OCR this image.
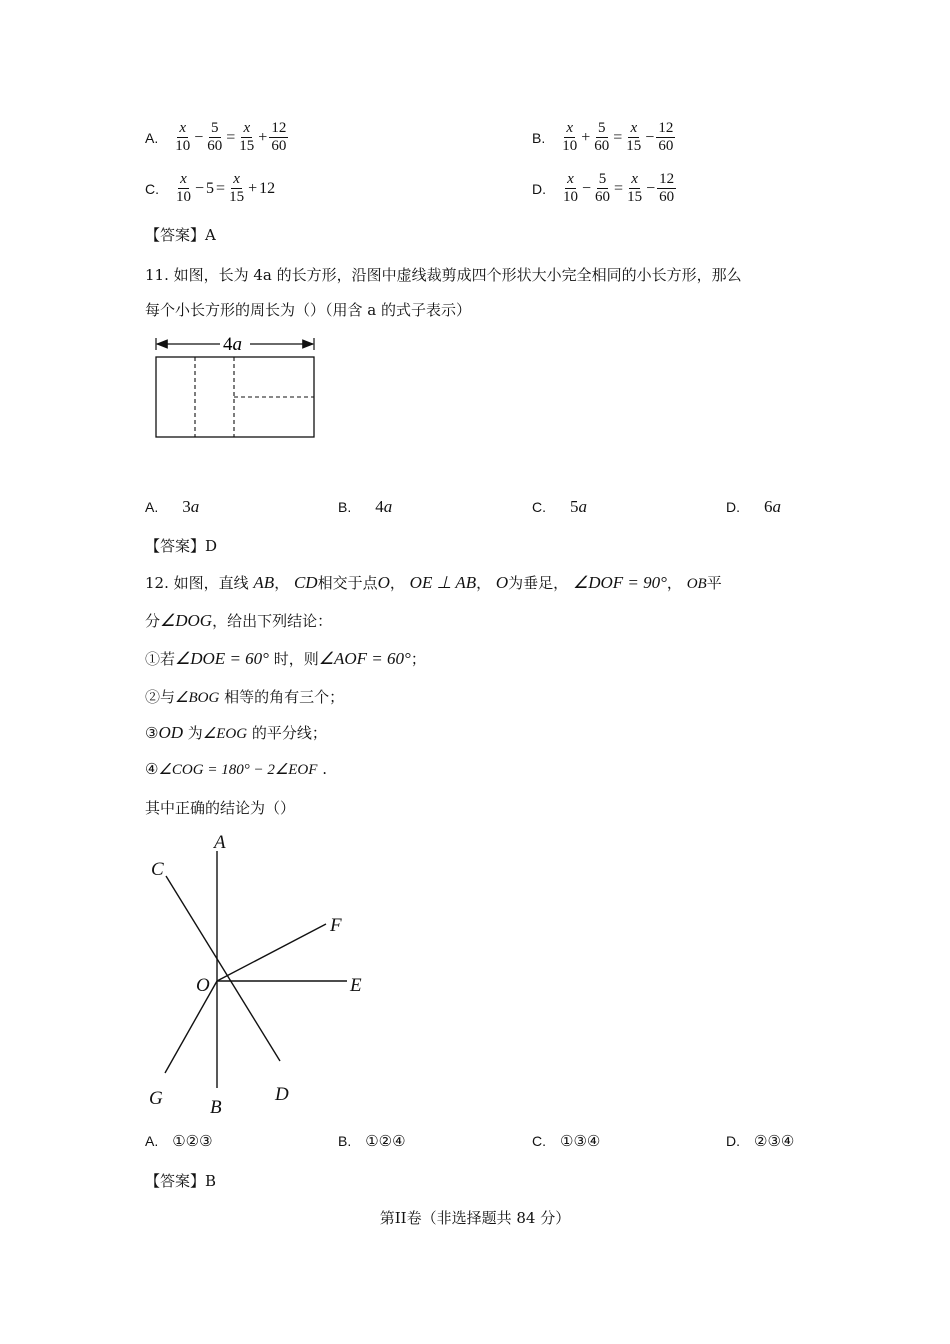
A. $\frac{x}{10} - \frac{5}{60} = \frac{x}{15} + \frac{12}{60}$	B. $\frac{x}{10} + \frac{5}{60} = \frac{x}{15} - \frac{12}{60}$
C. $\frac{x}{10} - 5 = \frac{x}{15} + 12$	D. $\frac{x}{10} - \frac{5}{60} = \frac{x}{15} - \frac{12}{60}$
【答案】A
11. 如图，长为 4a 的长方形，沿图中虚线裁剪成四个形状大小完全相同的小长方形，那么
每个小长方形的周长为（）（用含 a 的式子表示）
4a
A. 3a	B. 4a	C. 5a	D. 6a
【答案】D
12. 如图，直线 AB， CD相交于点O， OE ⊥ AB， O为垂足， ∠DOF = 90°， OB平
分∠DOG，给出下列结论：
①若∠DOE = 60° 时，则∠AOF = 60°；
②与∠BOG 相等的角有三个；
③OD 为∠EOG 的平分线；
④∠COG = 180° − 2∠EOF .
其中正确的结论为（）
A
B
C
D
E
F
G
O
A. ①②③	B. ①②④	C. ①③④	D. ②③④
【答案】B
第II卷（非选择题共 84 分）
